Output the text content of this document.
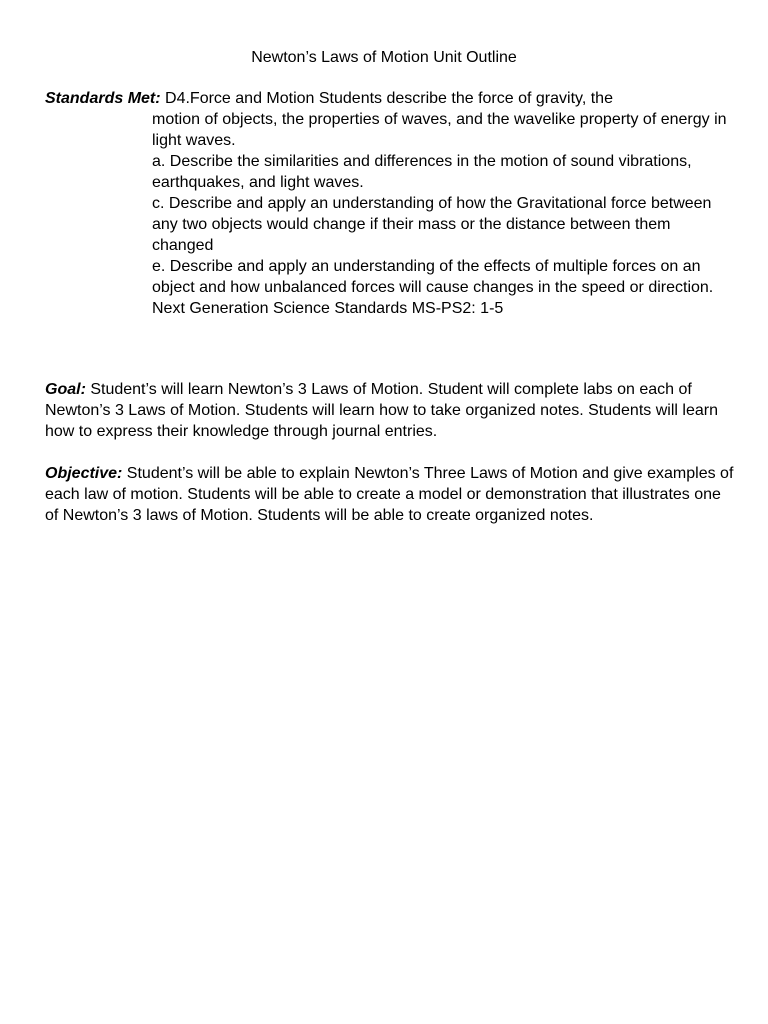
Newton’s Laws of Motion Unit Outline
Standards Met: D4.Force and Motion Students describe the force of gravity, the

motion of objects, the properties of waves, and the wavelike property of energy in light waves.

a. Describe the similarities and differences in the motion of sound vibrations, earthquakes, and light waves.

c. Describe and apply an understanding of how the Gravitational force between any two objects would change if their mass or the distance between them changed

e. Describe and apply an understanding of the effects of multiple forces on an object and how unbalanced forces will cause changes in the speed or direction.

Next Generation Science Standards MS-PS2: 1-5

Goal: Student’s will learn Newton’s 3 Laws of Motion. Student will complete labs on each of Newton’s 3 Laws of Motion. Students will learn how to take organized notes. Students will learn how to express their knowledge through journal entries.

Objective: Student’s will be able to explain Newton’s Three Laws of Motion and give examples of each law of motion. Students will be able to create a model or demonstration that illustrates one of Newton’s 3 laws of Motion. Students will be able to create organized notes.
